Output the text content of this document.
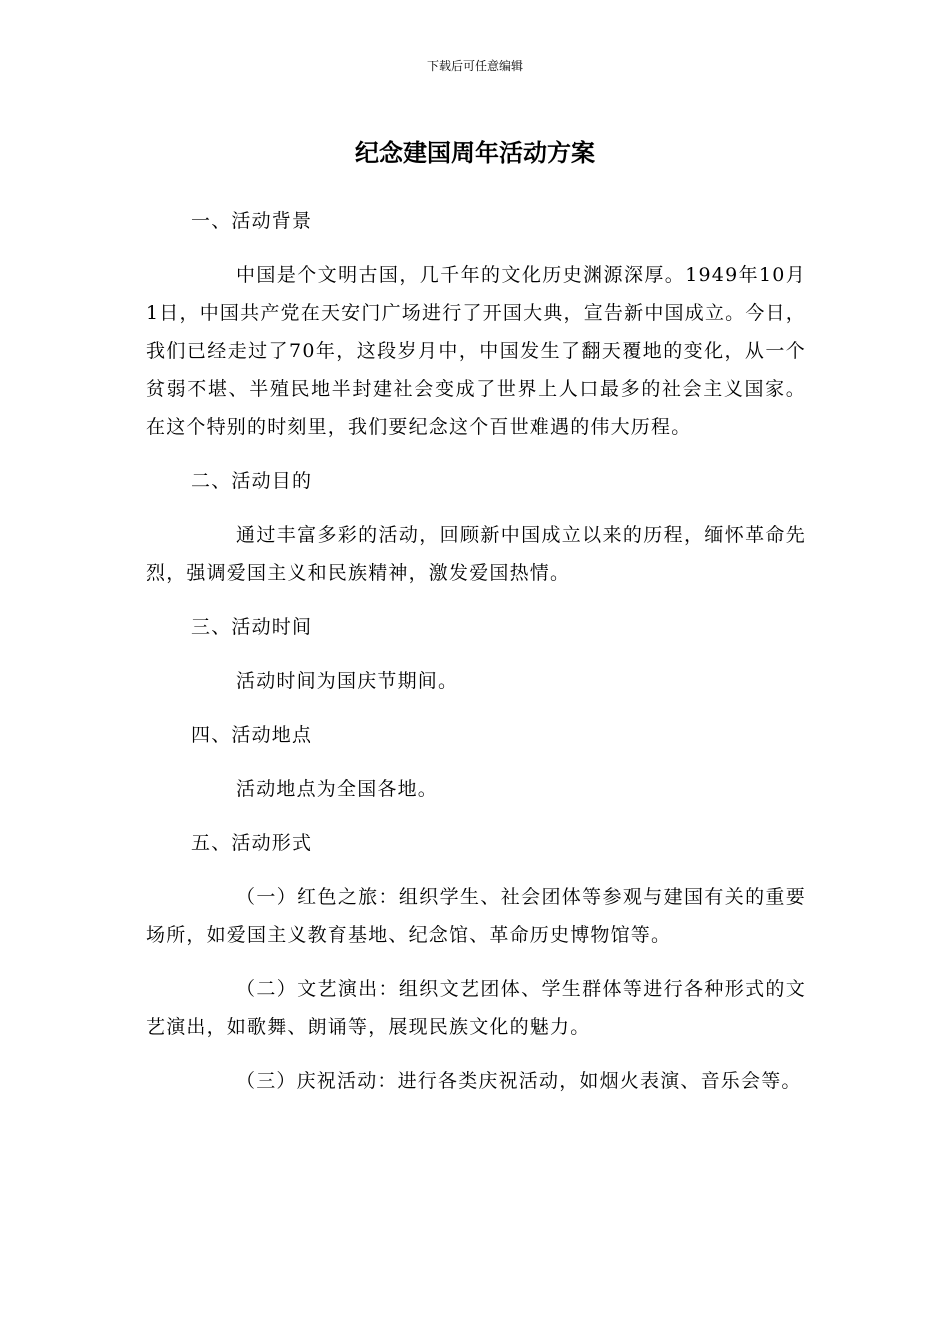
下载后可任意编辑
纪念建国周年活动方案
一、活动背景

中国是个文明古国，几千年的文化历史渊源深厚。1949年10月1日，中国共产党在天安门广场进行了开国大典，宣告新中国成立。今日，我们已经走过了70年，这段岁月中，中国发生了翻天覆地的变化，从一个贫弱不堪、半殖民地半封建社会变成了世界上人口最多的社会主义国家。在这个特别的时刻里，我们要纪念这个百世难遇的伟大历程。

二、活动目的

通过丰富多彩的活动，回顾新中国成立以来的历程，缅怀革命先烈，强调爱国主义和民族精神，激发爱国热情。

三、活动时间

活动时间为国庆节期间。

四、活动地点

活动地点为全国各地。

五、活动形式

（一）红色之旅：组织学生、社会团体等参观与建国有关的重要场所，如爱国主义教育基地、纪念馆、革命历史博物馆等。

（二）文艺演出：组织文艺团体、学生群体等进行各种形式的文艺演出，如歌舞、朗诵等，展现民族文化的魅力。

（三）庆祝活动：进行各类庆祝活动，如烟火表演、音乐会等。
